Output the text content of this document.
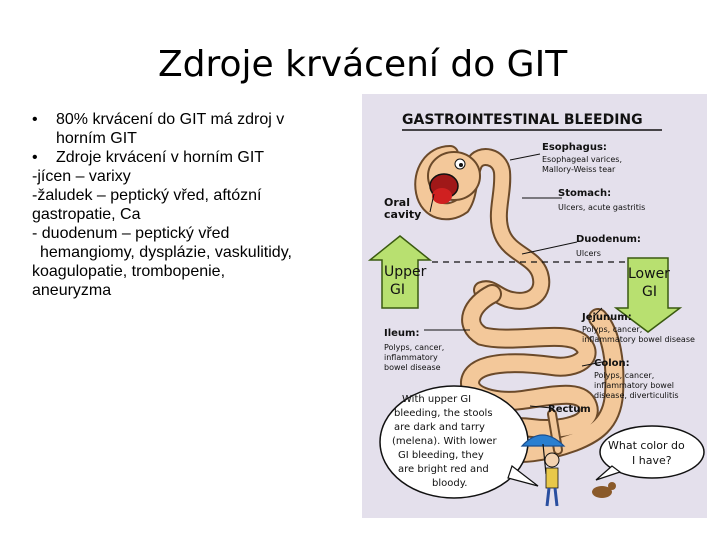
Zdroje krvácení do GIT
• 80% krvácení do GIT má zdroj v
horním GIT
• Zdroje krvácení v horním GIT
-jícen – varixy
-žaludek – peptický vřed, aftózní
gastropatie, Ca
- duodenum – peptický vřed
hemangiomy, dysplázie, vaskulitidy,
koagulopatie, trombopenie,
aneuryzma
GASTROINTESTINAL BLEEDING
Upper
GI
Lower
GI
Oral
cavity
Esophagus:
Esophageal varices,
Mallory-Weiss tear
Stomach:
Ulcers, acute gastritis
Duodenum:
Ulcers
Jejunum:
Polyps, cancer,
inflammatory bowel disease
Ileum:
Polyps, cancer,
inflammatory
bowel disease	Colon:
Polyps, cancer,
inflammatory bowel
disease, diverticulitis
Rectum
With upper GI
bleeding, the stools
are dark and tarry
(melena). With lower
GI bleeding, they
are bright red and
bloody.
What color do
I have?
